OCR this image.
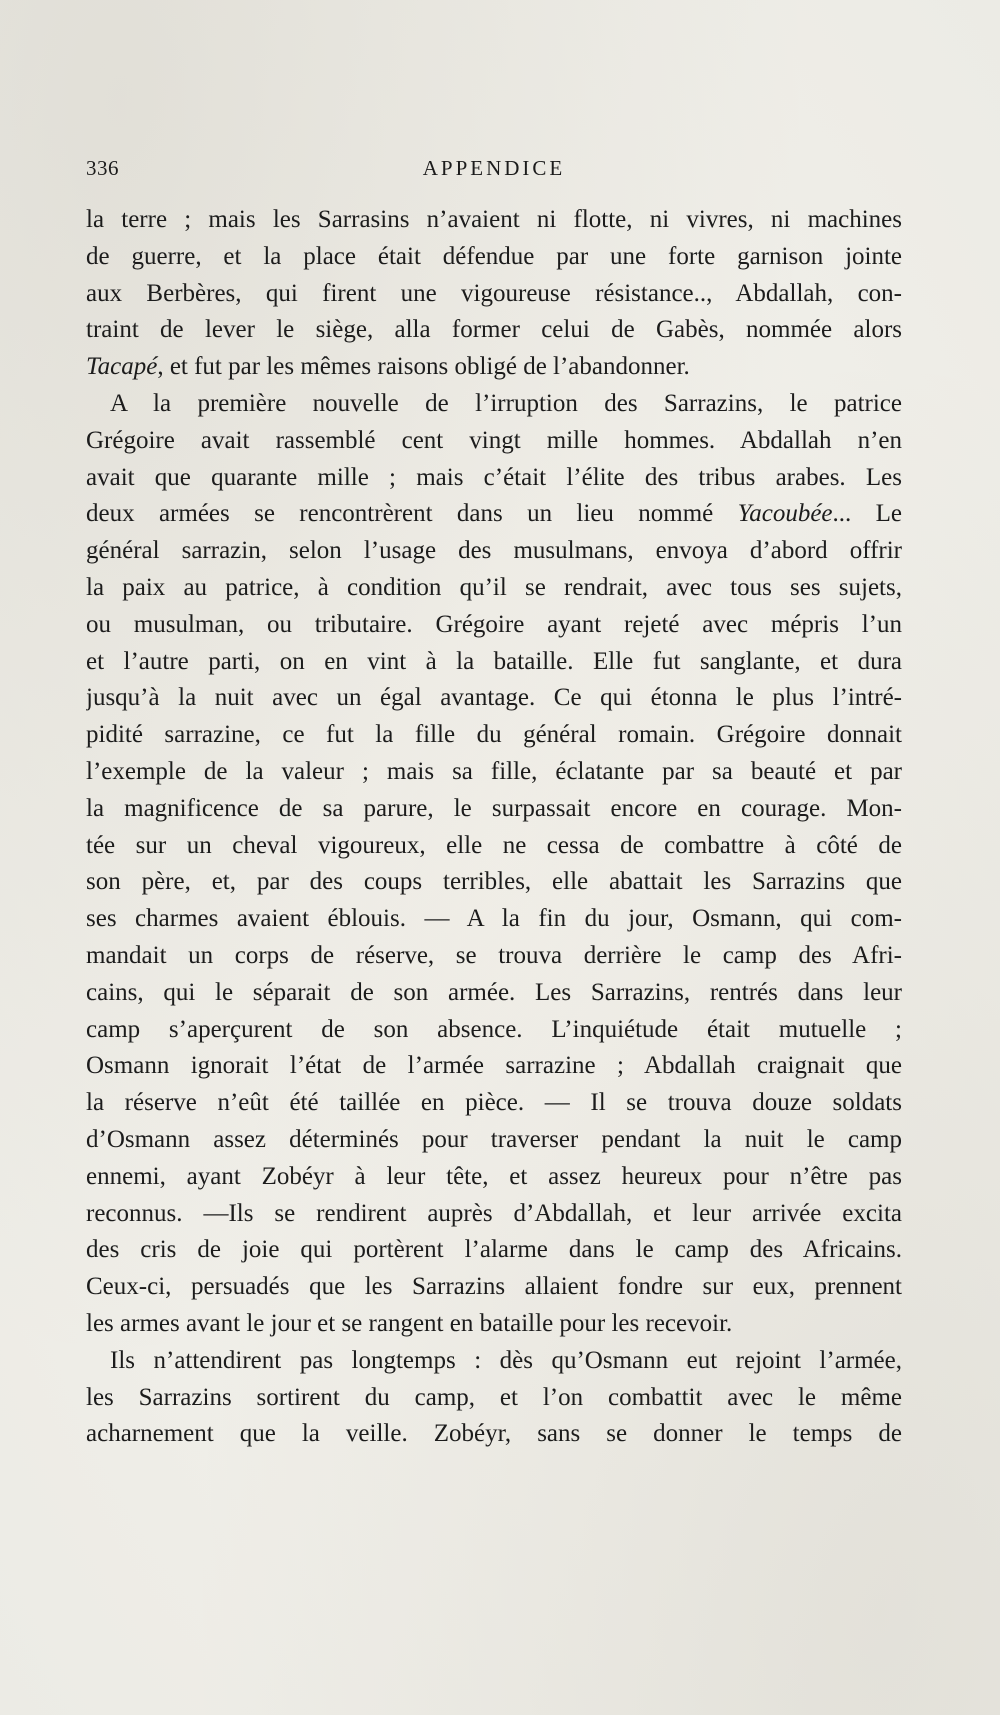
336	APPENDICE
la terre ; mais les Sarrasins n’avaient ni flotte, ni vivres, ni machines
de guerre, et la place était défendue par une forte garnison jointe
aux Berbères, qui firent une vigoureuse résistance.., Abdallah, con-
traint de lever le siège, alla former celui de Gabès, nommée alors
Tacapé, et fut par les mêmes raisons obligé de l’abandonner.
A la première nouvelle de l’irruption des Sarrazins, le patrice
Grégoire avait rassemblé cent vingt mille hommes. Abdallah n’en
avait que quarante mille ; mais c’était l’élite des tribus arabes. Les
deux armées se rencontrèrent dans un lieu nommé Yacoubée... Le
général sarrazin, selon l’usage des musulmans, envoya d’abord offrir
la paix au patrice, à condition qu’il se rendrait, avec tous ses sujets,
ou musulman, ou tributaire. Grégoire ayant rejeté avec mépris l’un
et l’autre parti, on en vint à la bataille. Elle fut sanglante, et dura
jusqu’à la nuit avec un égal avantage. Ce qui étonna le plus l’intré-
pidité sarrazine, ce fut la fille du général romain. Grégoire donnait
l’exemple de la valeur ; mais sa fille, éclatante par sa beauté et par
la magnificence de sa parure, le surpassait encore en courage. Mon-
tée sur un cheval vigoureux, elle ne cessa de combattre à côté de
son père, et, par des coups terribles, elle abattait les Sarrazins que
ses charmes avaient éblouis. — A la fin du jour, Osmann, qui com-
mandait un corps de réserve, se trouva derrière le camp des Afri-
cains, qui le séparait de son armée. Les Sarrazins, rentrés dans leur
camp s’aperçurent de son absence. L’inquiétude était mutuelle ;
Osmann ignorait l’état de l’armée sarrazine ; Abdallah craignait que
la réserve n’eût été taillée en pièce. — Il se trouva douze soldats
d’Osmann assez déterminés pour traverser pendant la nuit le camp
ennemi, ayant Zobéyr à leur tête, et assez heureux pour n’être pas
reconnus. —Ils se rendirent auprès d’Abdallah, et leur arrivée excita
des cris de joie qui portèrent l’alarme dans le camp des Africains.
Ceux-ci, persuadés que les Sarrazins allaient fondre sur eux, prennent
les armes avant le jour et se rangent en bataille pour les recevoir.
Ils n’attendirent pas longtemps : dès qu’Osmann eut rejoint l’armée,
les Sarrazins sortirent du camp, et l’on combattit avec le même
acharnement que la veille. Zobéyr, sans se donner le temps de
